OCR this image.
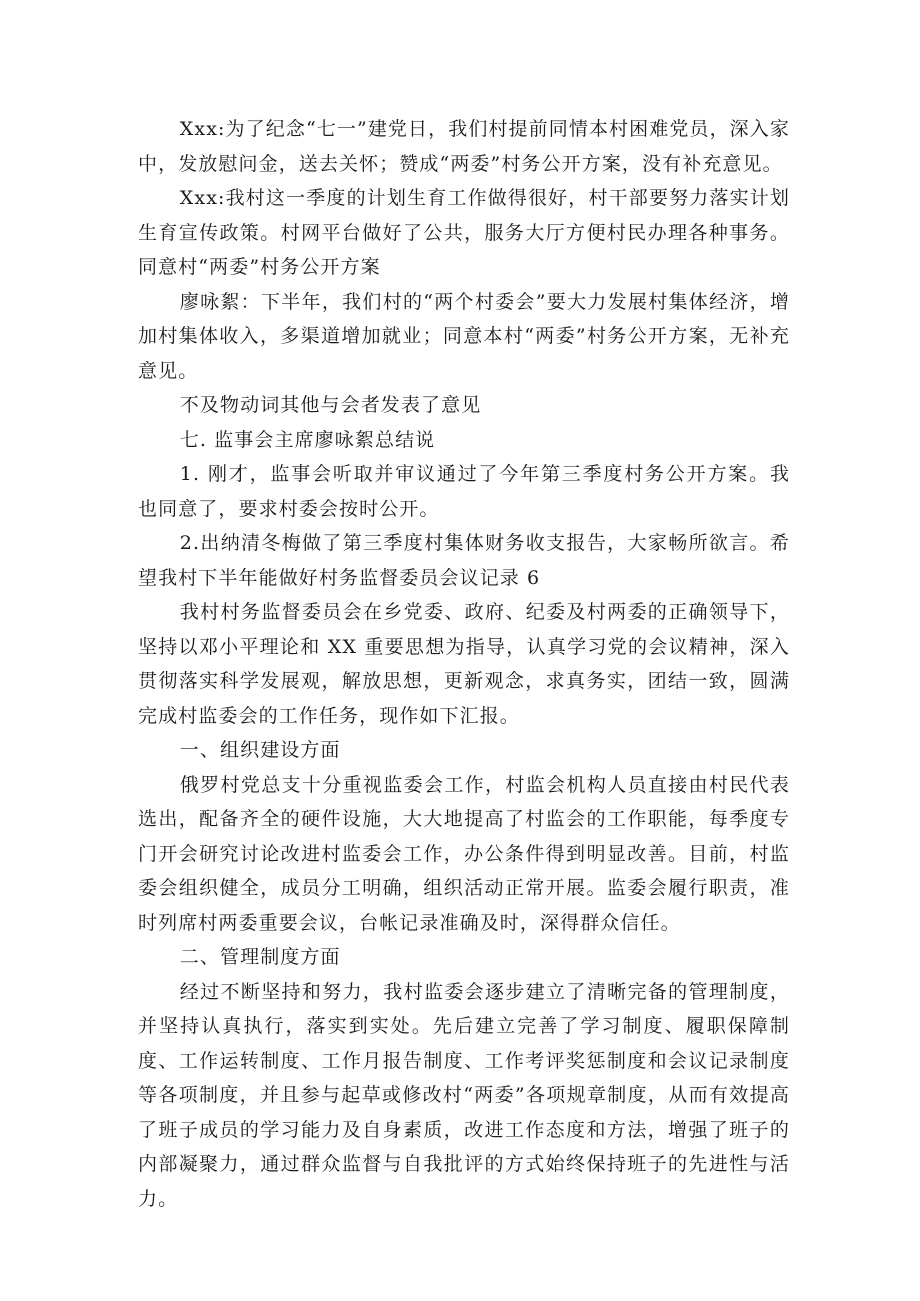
Xxx:为了纪念“七一”建党日，我们村提前同情本村困难党员，深入家中，发放慰问金，送去关怀；赞成“两委”村务公开方案，没有补充意见。

Xxx:我村这一季度的计划生育工作做得很好，村干部要努力落实计划生育宣传政策。村网平台做好了公共，服务大厅方便村民办理各种事务。同意村“两委”村务公开方案

廖咏絮：下半年，我们村的“两个村委会”要大力发展村集体经济，增加村集体收入，多渠道增加就业；同意本村“两委”村务公开方案，无补充意见。

不及物动词其他与会者发表了意见

七. 监事会主席廖咏絮总结说

1. 刚才，监事会听取并审议通过了今年第三季度村务公开方案。我也同意了，要求村委会按时公开。

2.出纳清冬梅做了第三季度村集体财务收支报告，大家畅所欲言。希望我村下半年能做好村务监督委员会议记录 6

我村村务监督委员会在乡党委、政府、纪委及村两委的正确领导下，坚持以邓小平理论和 XX 重要思想为指导，认真学习党的会议精神，深入贯彻落实科学发展观，解放思想，更新观念，求真务实，团结一致，圆满完成村监委会的工作任务，现作如下汇报。

一、组织建设方面

俄罗村党总支十分重视监委会工作，村监会机构人员直接由村民代表选出，配备齐全的硬件设施，大大地提高了村监会的工作职能，每季度专门开会研究讨论改进村监委会工作，办公条件得到明显改善。目前，村监委会组织健全，成员分工明确，组织活动正常开展。监委会履行职责，准时列席村两委重要会议，台帐记录准确及时，深得群众信任。

二、管理制度方面

经过不断坚持和努力，我村监委会逐步建立了清晰完备的管理制度，并坚持认真执行，落实到实处。先后建立完善了学习制度、履职保障制度、工作运转制度、工作月报告制度、工作考评奖惩制度和会议记录制度等各项制度，并且参与起草或修改村“两委”各项规章制度，从而有效提高了班子成员的学习能力及自身素质，改进工作态度和方法，增强了班子的内部凝聚力，通过群众监督与自我批评的方式始终保持班子的先进性与活力。
